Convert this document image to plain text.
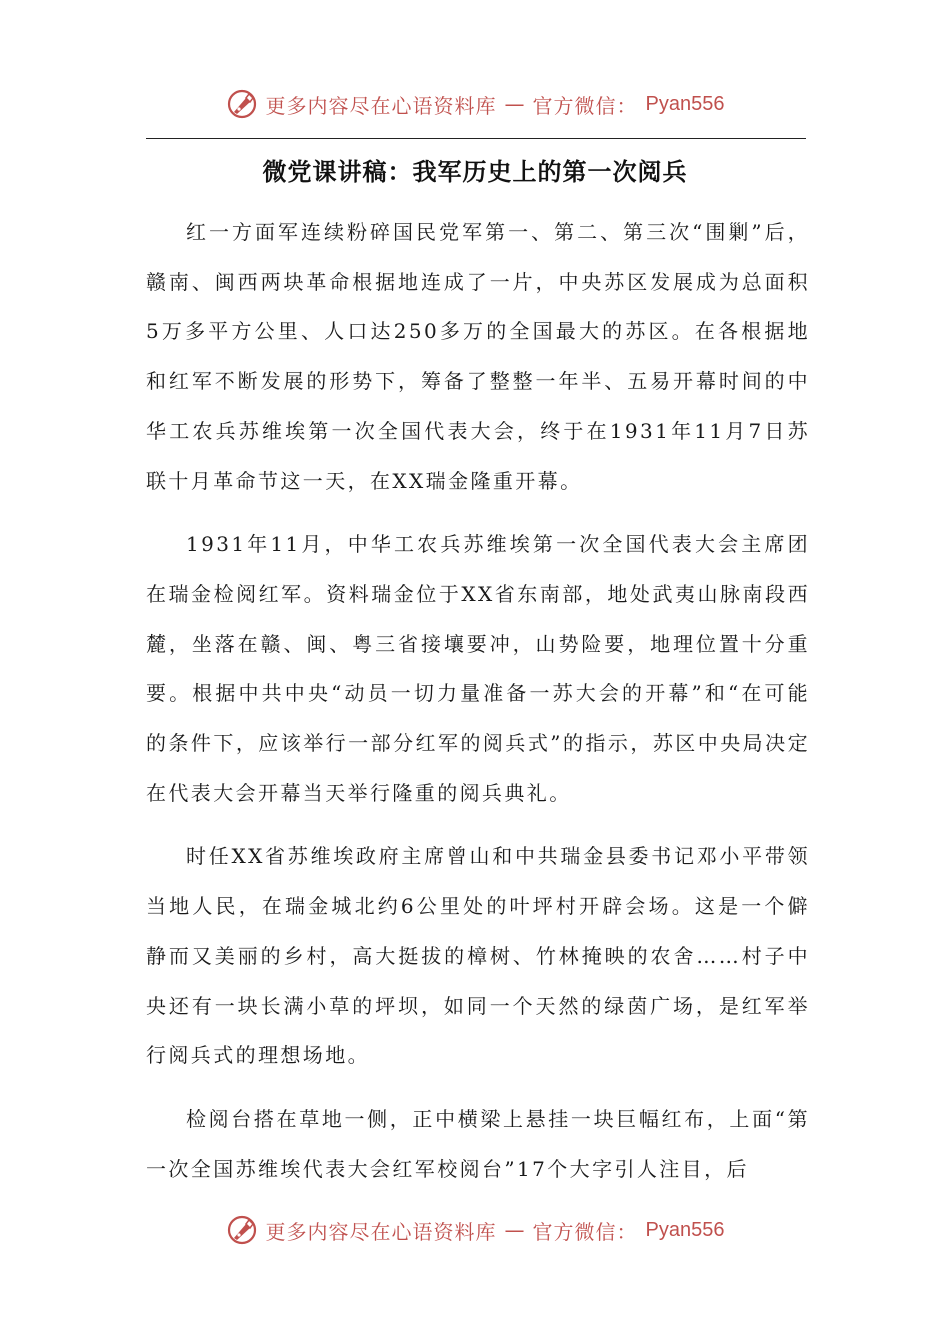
更多内容尽在心语资料库 — 官方微信： Pyan556
微党课讲稿：我军历史上的第一次阅兵

红一方面军连续粉碎国民党军第一、第二、第三次“围剿”后，赣南、闽西两块革命根据地连成了一片，中央苏区发展成为总面积5万多平方公里、人口达250多万的全国最大的苏区。在各根据地和红军不断发展的形势下，筹备了整整一年半、五易开幕时间的中华工农兵苏维埃第一次全国代表大会，终于在1931年11月7日苏联十月革命节这一天，在XX瑞金隆重开幕。

1931年11月，中华工农兵苏维埃第一次全国代表大会主席团在瑞金检阅红军。资料瑞金位于XX省东南部，地处武夷山脉南段西麓，坐落在赣、闽、粤三省接壤要冲，山势险要，地理位置十分重要。根据中共中央“动员一切力量准备一苏大会的开幕”和“在可能的条件下，应该举行一部分红军的阅兵式”的指示，苏区中央局决定在代表大会开幕当天举行隆重的阅兵典礼。

时任XX省苏维埃政府主席曾山和中共瑞金县委书记邓小平带领当地人民，在瑞金城北约6公里处的叶坪村开辟会场。这是一个僻静而又美丽的乡村，高大挺拔的樟树、竹林掩映的农舍……村子中央还有一块长满小草的坪坝，如同一个天然的绿茵广场，是红军举行阅兵式的理想场地。

检阅台搭在草地一侧，正中横梁上悬挂一块巨幅红布，上面“第一次全国苏维埃代表大会红军校阅台”17个大字引人注目，后

更多内容尽在心语资料库 — 官方微信： Pyan556
